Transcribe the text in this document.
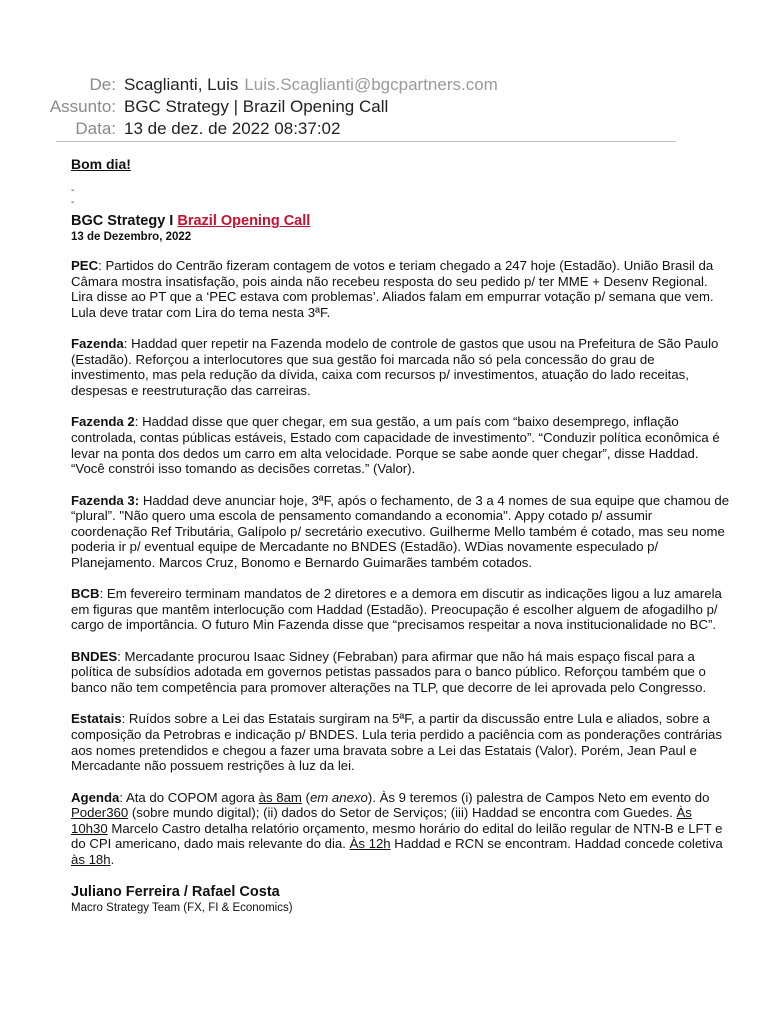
De: Scaglianti, Luis Luis.Scaglianti@bgcpartners.com
Assunto: BGC Strategy | Brazil Opening Call
Data: 13 de dez. de 2022 08:37:02
Bom dia!
-
-
BGC Strategy I Brazil Opening Call
13 de Dezembro, 2022

PEC: Partidos do Centrão fizeram contagem de votos e teriam chegado a 247 hoje (Estadão). União Brasil da Câmara mostra insatisfação, pois ainda não recebeu resposta do seu pedido p/ ter MME + Desenv Regional. Lira disse ao PT que a ‘PEC estava com problemas’. Aliados falam em empurrar votação p/ semana que vem. Lula deve tratar com Lira do tema nesta 3ªF.

Fazenda: Haddad quer repetir na Fazenda modelo de controle de gastos que usou na Prefeitura de São Paulo (Estadão). Reforçou a interlocutores que sua gestão foi marcada não só pela concessão do grau de investimento, mas pela redução da dívida, caixa com recursos p/ investimentos, atuação do lado receitas, despesas e reestruturação das carreiras.

Fazenda 2: Haddad disse que quer chegar, em sua gestão, a um país com “baixo desemprego, inflação controlada, contas públicas estáveis, Estado com capacidade de investimento”. “Conduzir política econômica é levar na ponta dos dedos um carro em alta velocidade. Porque se sabe aonde quer chegar”, disse Haddad. “Você constrói isso tomando as decisões corretas.” (Valor).

Fazenda 3: Haddad deve anunciar hoje, 3ªF, após o fechamento, de 3 a 4 nomes de sua equipe que chamou de “plural”. "Não quero uma escola de pensamento comandando a economia". Appy cotado p/ assumir coordenação Ref Tributária, Galípolo p/ secretário executivo. Guilherme Mello também é cotado, mas seu nome poderia ir p/ eventual equipe de Mercadante no BNDES (Estadão). WDias novamente especulado p/ Planejamento. Marcos Cruz, Bonomo e Bernardo Guimarães também cotados.

BCB: Em fevereiro terminam mandatos de 2 diretores e a demora em discutir as indicações ligou a luz amarela em figuras que mantêm interlocução com Haddad (Estadão). Preocupação é escolher alguem de afogadilho p/ cargo de importância. O futuro Min Fazenda disse que “precisamos respeitar a nova institucionalidade no BC”.

BNDES: Mercadante procurou Isaac Sidney (Febraban) para afirmar que não há mais espaço fiscal para a política de subsídios adotada em governos petistas passados para o banco público. Reforçou também que o banco não tem competência para promover alterações na TLP, que decorre de lei aprovada pelo Congresso.

Estatais: Ruídos sobre a Lei das Estatais surgiram na 5ªF, a partir da discussão entre Lula e aliados, sobre a composição da Petrobras e indicação p/ BNDES. Lula teria perdido a paciência com as ponderações contrárias aos nomes pretendidos e chegou a fazer uma bravata sobre a Lei das Estatais (Valor). Porém, Jean Paul e Mercadante não possuem restrições à luz da lei.

Agenda: Ata do COPOM agora às 8am (em anexo). Às 9 teremos (i) palestra de Campos Neto em evento do Poder360 (sobre mundo digital); (ii) dados do Setor de Serviços; (iii) Haddad se encontra com Guedes. Às 10h30 Marcelo Castro detalha relatório orçamento, mesmo horário do edital do leilão regular de NTN-B e LFT e do CPI americano, dado mais relevante do dia. Às 12h Haddad e RCN se encontram. Haddad concede coletiva às 18h.

Juliano Ferreira / Rafael Costa
Macro Strategy Team (FX, FI & Economics)
